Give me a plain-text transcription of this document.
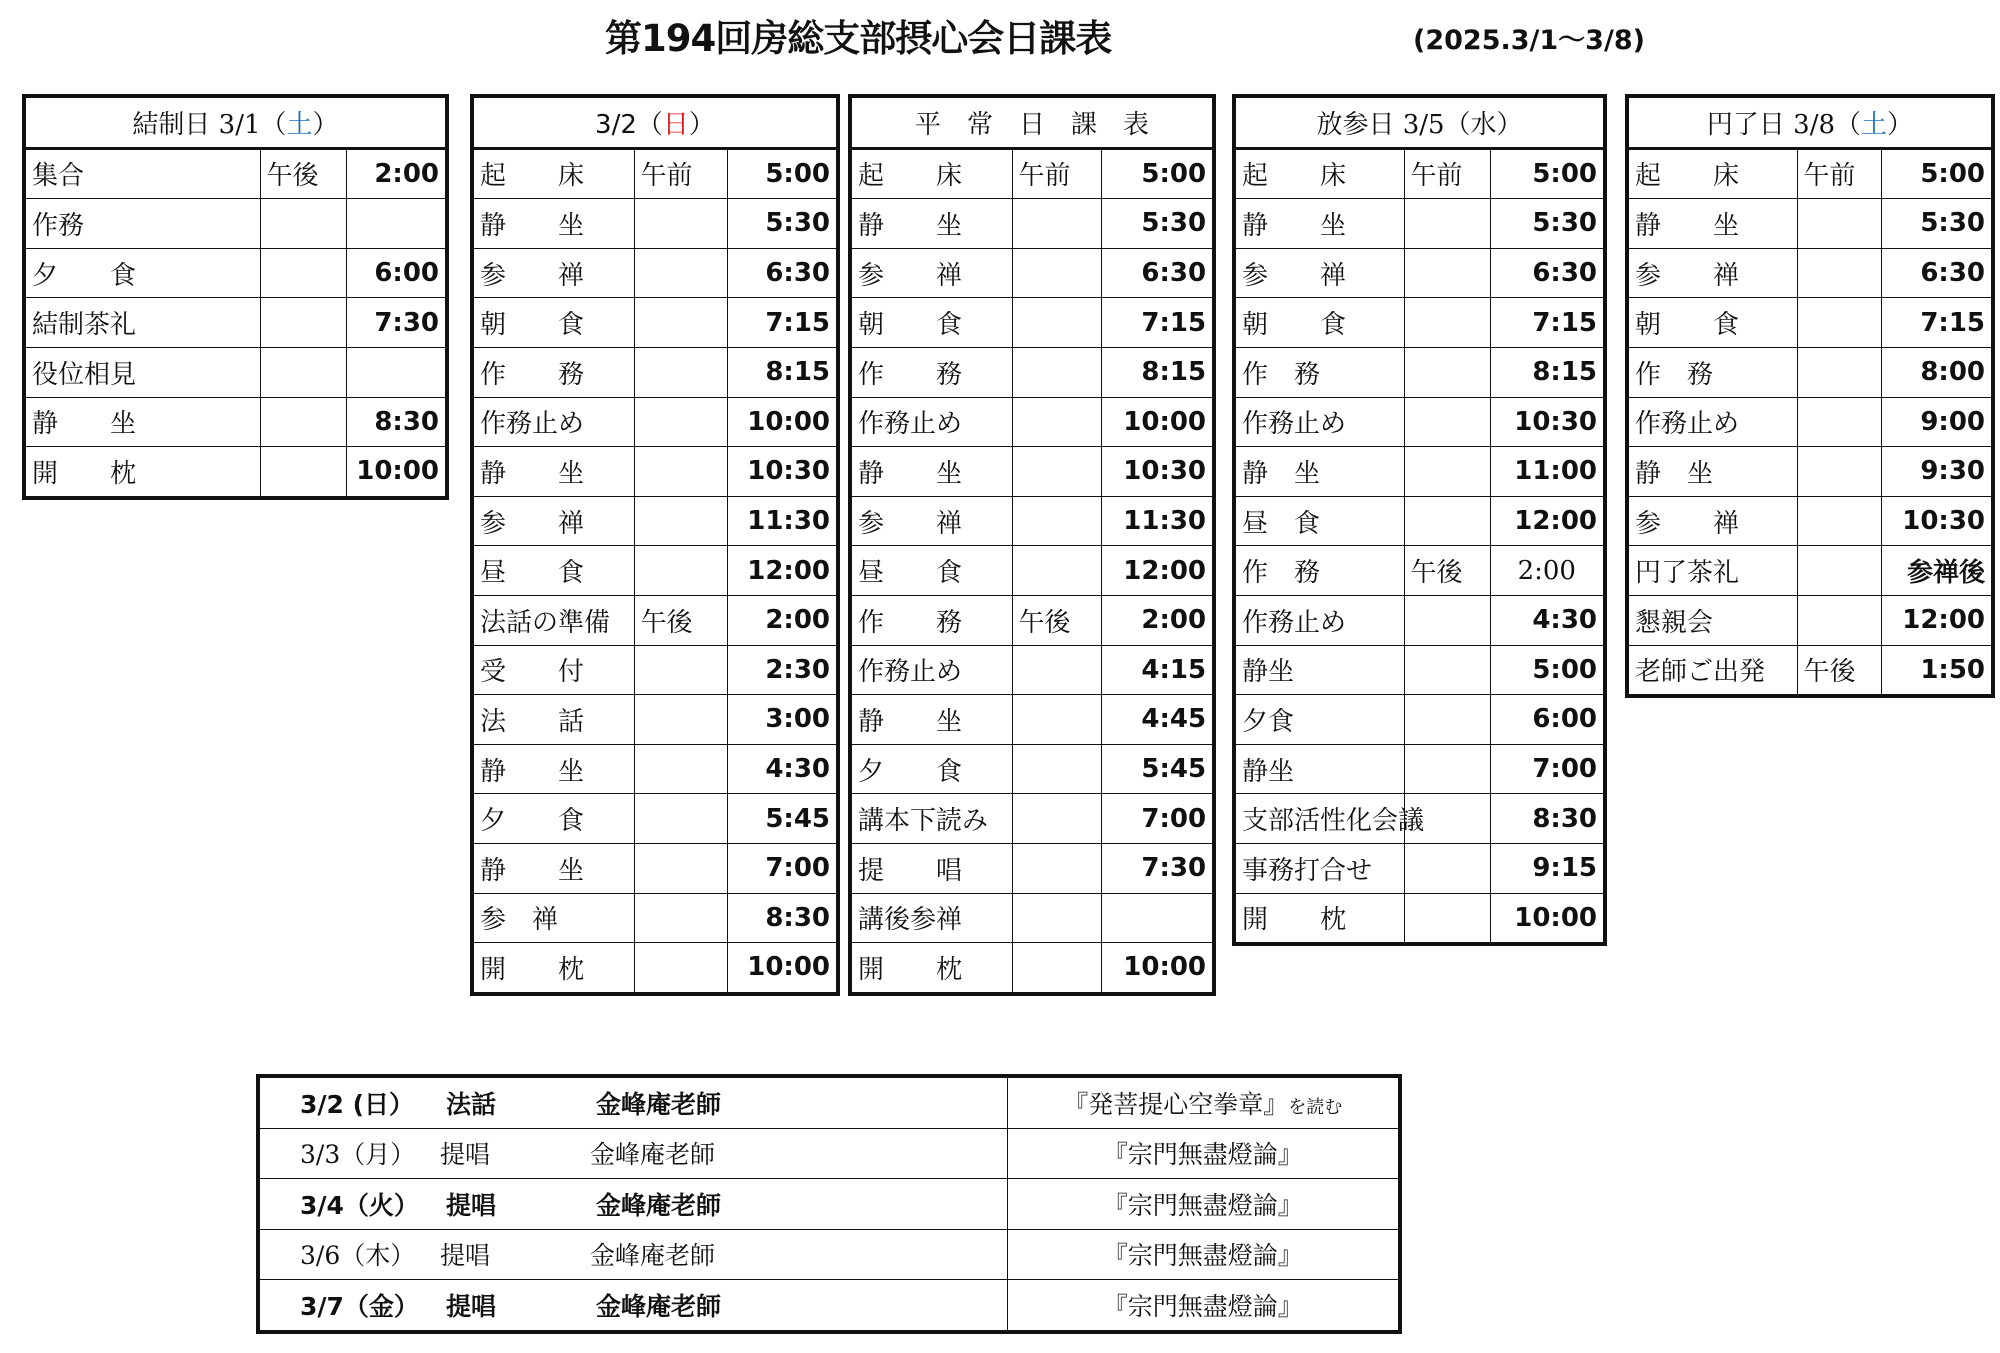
第194回房総支部摂心会日課表	(2025.3/1〜3/8)
結制日 3/1（土）		
集合	午後	2:00
作務		
夕　　食		6:00
結制茶礼		7:30
役位相見		
静　　坐		8:30
開　　枕		10:00
3/2（日）		
起　　床	午前	5:00
静　　坐		5:30
参　　禅		6:30
朝　　食		7:15
作　　務		8:15
作務止め		10:00
静　　坐		10:30
参　　禅		11:30
昼　　食		12:00
法話の準備	午後	2:00
受　　付		2:30
法　　話		3:00
静　　坐		4:30
夕　　食		5:45
静　　坐		7:00
参　禅		8:30
開　　枕		10:00
平　常　日　課　表		
起　　床	午前	5:00
静　　坐		5:30
参　　禅		6:30
朝　　食		7:15
作　　務		8:15
作務止め		10:00
静　　坐		10:30
参　　禅		11:30
昼　　食		12:00
作　　務	午後	2:00
作務止め		4:15
静　　坐		4:45
夕　　食		5:45
講本下読み		7:00
提　　唱		7:30
講後参禅		
開　　枕		10:00
放参日 3/5（水）		
起　　床	午前	5:00
静　　坐		5:30
参　　禅		6:30
朝　　食		7:15
作　務		8:15
作務止め		10:30
静　坐		11:00
昼　食		12:00
作　務	午後	2:00
作務止め		4:30
静坐		5:00
夕食		6:00
静坐		7:00
支部活性化会議		8:30
事務打合せ		9:15
開　　枕		10:00
円了日 3/8（土）		
起　　床	午前	5:00
静　　坐		5:30
参　　禅		6:30
朝　　食		7:15
作　務		8:00
作務止め		9:00
静　坐		9:30
参　　禅		10:30
円了茶礼		参禅後
懇親会		12:00
老師ご出発	午後	1:50
3/2 (日） 法話 金峰庵老師	『発菩提心空拳章』を読む
3/3（月） 提唱 金峰庵老師	『宗門無盡燈論』
3/4（火） 提唱 金峰庵老師	『宗門無盡燈論』
3/6（木） 提唱 金峰庵老師	『宗門無盡燈論』
3/7（金） 提唱 金峰庵老師	『宗門無盡燈論』
